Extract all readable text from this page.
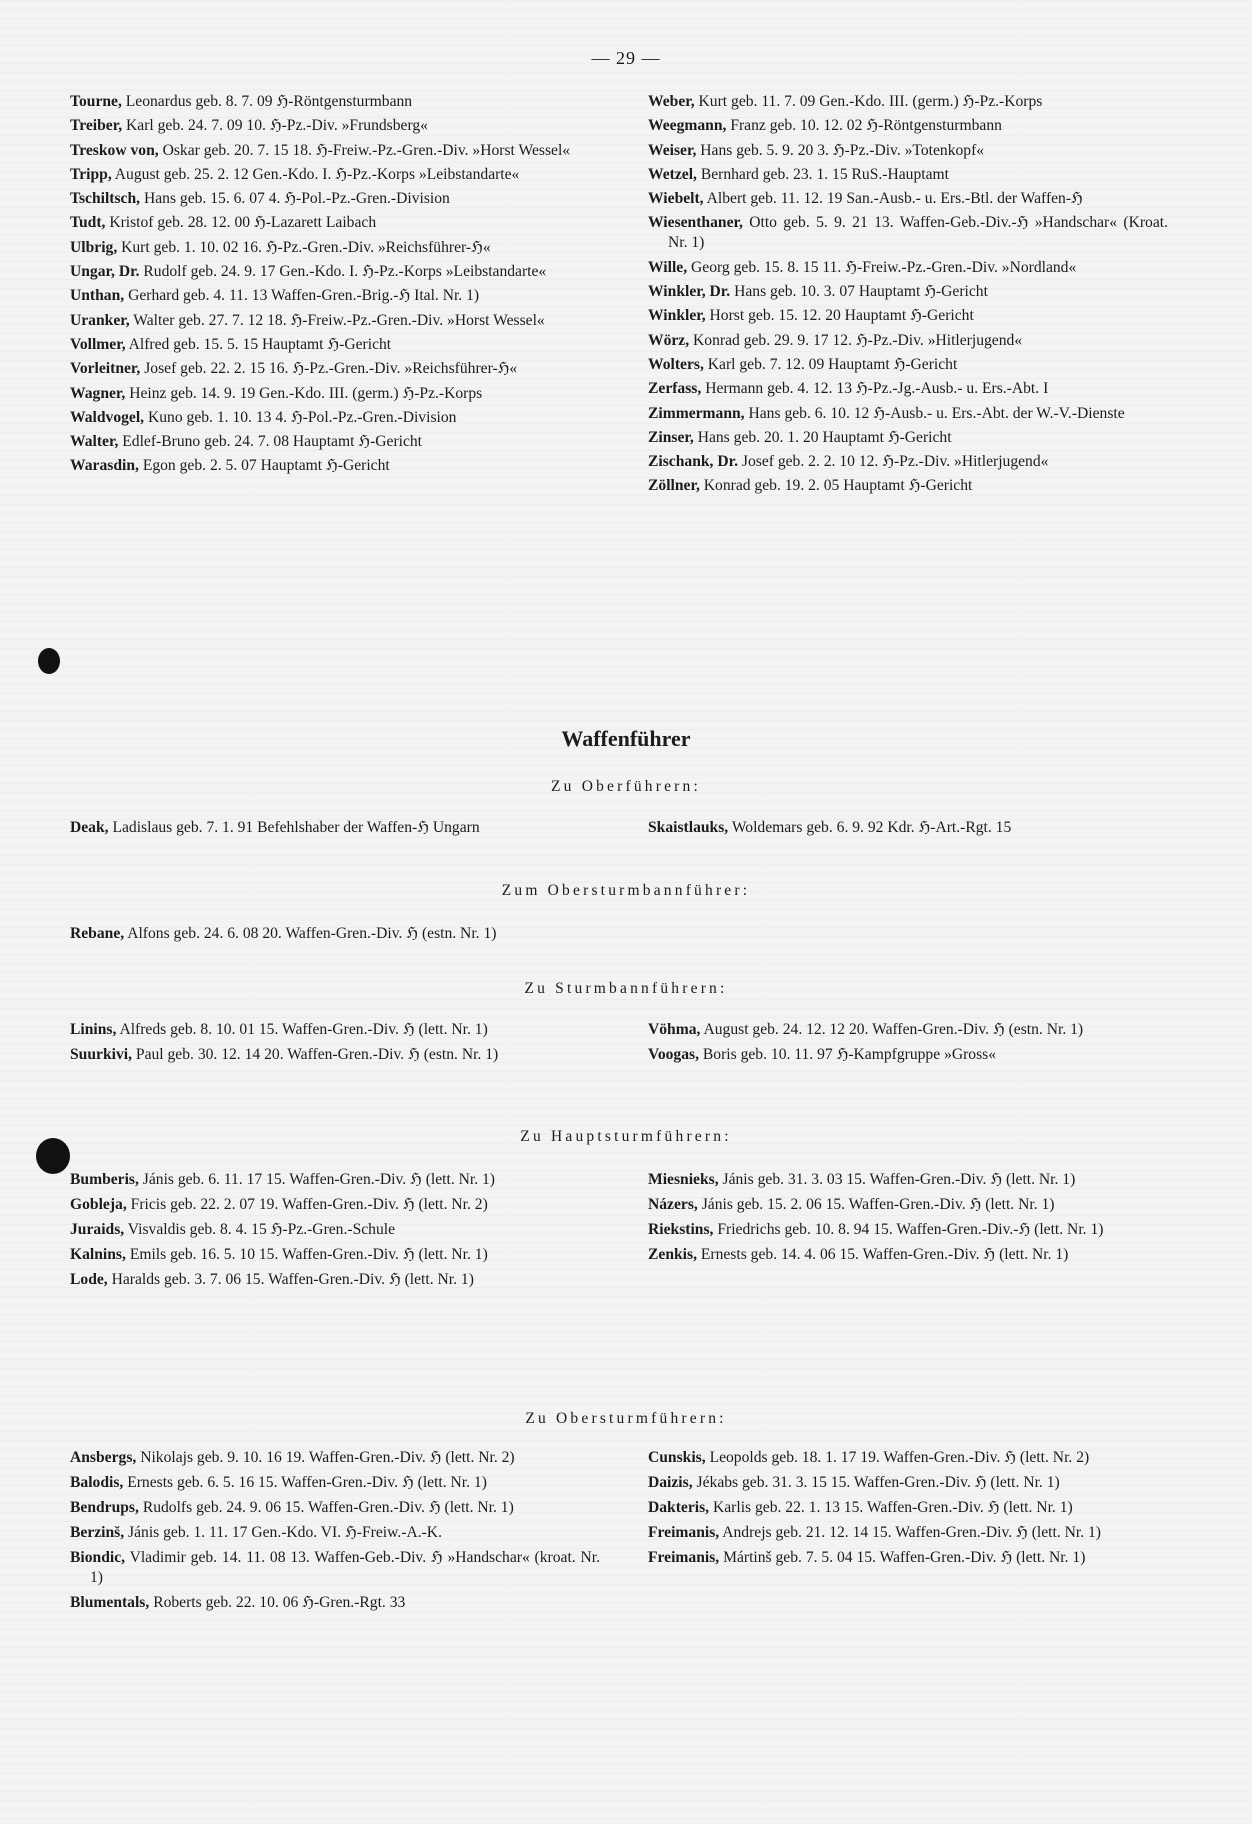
— 29 —
Tourne, Leonardus geb. 8. 7. 09 ℌ-Röntgensturmbann
Treiber, Karl geb. 24. 7. 09 10. ℌ-Pz.-Div. »Frundsberg«
Treskow von, Oskar geb. 20. 7. 15 18. ℌ-Freiw.-Pz.-Gren.-Div. »Horst Wessel«
Tripp, August geb. 25. 2. 12 Gen.-Kdo. I. ℌ-Pz.-Korps »Leibstandarte«
Tschiltsch, Hans geb. 15. 6. 07 4. ℌ-Pol.-Pz.-Gren.-Division
Tudt, Kristof geb. 28. 12. 00 ℌ-Lazarett Laibach
Ulbrig, Kurt geb. 1. 10. 02 16. ℌ-Pz.-Gren.-Div. »Reichsführer-ℌ«
Ungar, Dr. Rudolf geb. 24. 9. 17 Gen.-Kdo. I. ℌ-Pz.-Korps »Leibstandarte«
Unthan, Gerhard geb. 4. 11. 13 Waffen-Gren.-Brig.-ℌ Ital. Nr. 1)
Uranker, Walter geb. 27. 7. 12 18. ℌ-Freiw.-Pz.-Gren.-Div. »Horst Wessel«
Vollmer, Alfred geb. 15. 5. 15 Hauptamt ℌ-Gericht
Vorleitner, Josef geb. 22. 2. 15 16. ℌ-Pz.-Gren.-Div. »Reichsführer-ℌ«
Wagner, Heinz geb. 14. 9. 19 Gen.-Kdo. III. (germ.) ℌ-Pz.-Korps
Waldvogel, Kuno geb. 1. 10. 13 4. ℌ-Pol.-Pz.-Gren.-Division
Walter, Edlef-Bruno geb. 24. 7. 08 Hauptamt ℌ-Gericht
Warasdin, Egon geb. 2. 5. 07 Hauptamt ℌ-Gericht
Weber, Kurt geb. 11. 7. 09 Gen.-Kdo. III. (germ.) ℌ-Pz.-Korps
Weegmann, Franz geb. 10. 12. 02 ℌ-Röntgensturmbann
Weiser, Hans geb. 5. 9. 20 3. ℌ-Pz.-Div. »Totenkopf«
Wetzel, Bernhard geb. 23. 1. 15 RuS.-Hauptamt
Wiebelt, Albert geb. 11. 12. 19 San.-Ausb.- u. Ers.-Btl. der Waffen-ℌ
Wiesenthaner, Otto geb. 5. 9. 21 13. Waffen-Geb.-Div.-ℌ »Handschar« (Kroat. Nr. 1)
Wille, Georg geb. 15. 8. 15 11. ℌ-Freiw.-Pz.-Gren.-Div. »Nordland«
Winkler, Dr. Hans geb. 10. 3. 07 Hauptamt ℌ-Gericht
Winkler, Horst geb. 15. 12. 20 Hauptamt ℌ-Gericht
Wörz, Konrad geb. 29. 9. 17 12. ℌ-Pz.-Div. »Hitlerjugend«
Wolters, Karl geb. 7. 12. 09 Hauptamt ℌ-Gericht
Zerfass, Hermann geb. 4. 12. 13 ℌ-Pz.-Jg.-Ausb.- u. Ers.-Abt. I
Zimmermann, Hans geb. 6. 10. 12 ℌ-Ausb.- u. Ers.-Abt. der W.-V.-Dienste
Zinser, Hans geb. 20. 1. 20 Hauptamt ℌ-Gericht
Zischank, Dr. Josef geb. 2. 2. 10 12. ℌ-Pz.-Div. »Hitlerjugend«
Zöllner, Konrad geb. 19. 2. 05 Hauptamt ℌ-Gericht
Waffenführer
Zu Oberführern:
Deak, Ladislaus geb. 7. 1. 91 Befehlshaber der Waffen-ℌ Ungarn	Skaistlauks, Woldemars geb. 6. 9. 92 Kdr. ℌ-Art.-Rgt. 15
Zum Obersturmbannführer:
Rebane, Alfons geb. 24. 6. 08 20. Waffen-Gren.-Div. ℌ (estn. Nr. 1)
Zu Sturmbannführern:
Linins, Alfreds geb. 8. 10. 01 15. Waffen-Gren.-Div. ℌ (lett. Nr. 1)
Suurkivi, Paul geb. 30. 12. 14 20. Waffen-Gren.-Div. ℌ (estn. Nr. 1)
Vöhma, August geb. 24. 12. 12 20. Waffen-Gren.-Div. ℌ (estn. Nr. 1)
Voogas, Boris geb. 10. 11. 97 ℌ-Kampfgruppe »Gross«
Zu Hauptsturmführern:
Bumberis, Jánis geb. 6. 11. 17 15. Waffen-Gren.-Div. ℌ (lett. Nr. 1)
Gobleja, Fricis geb. 22. 2. 07 19. Waffen-Gren.-Div. ℌ (lett. Nr. 2)
Juraids, Visvaldis geb. 8. 4. 15 ℌ-Pz.-Gren.-Schule
Kalnins, Emils geb. 16. 5. 10 15. Waffen-Gren.-Div. ℌ (lett. Nr. 1)
Lode, Haralds geb. 3. 7. 06 15. Waffen-Gren.-Div. ℌ (lett. Nr. 1)
Miesnieks, Jánis geb. 31. 3. 03 15. Waffen-Gren.-Div. ℌ (lett. Nr. 1)
Názers, Jánis geb. 15. 2. 06 15. Waffen-Gren.-Div. ℌ (lett. Nr. 1)
Riekstins, Friedrichs geb. 10. 8. 94 15. Waffen-Gren.-Div.-ℌ (lett. Nr. 1)
Zenkis, Ernests geb. 14. 4. 06 15. Waffen-Gren.-Div. ℌ (lett. Nr. 1)
Zu Obersturmführern:
Ansbergs, Nikolajs geb. 9. 10. 16 19. Waffen-Gren.-Div. ℌ (lett. Nr. 2)
Balodis, Ernests geb. 6. 5. 16 15. Waffen-Gren.-Div. ℌ (lett. Nr. 1)
Bendrups, Rudolfs geb. 24. 9. 06 15. Waffen-Gren.-Div. ℌ (lett. Nr. 1)
Berzinš, Jánis geb. 1. 11. 17 Gen.-Kdo. VI. ℌ-Freiw.-A.-K.
Biondic, Vladimir geb. 14. 11. 08 13. Waffen-Geb.-Div. ℌ »Handschar« (kroat. Nr. 1)
Blumentals, Roberts geb. 22. 10. 06 ℌ-Gren.-Rgt. 33
Cunskis, Leopolds geb. 18. 1. 17 19. Waffen-Gren.-Div. ℌ (lett. Nr. 2)
Daizis, Jékabs geb. 31. 3. 15 15. Waffen-Gren.-Div. ℌ (lett. Nr. 1)
Dakteris, Karlis geb. 22. 1. 13 15. Waffen-Gren.-Div. ℌ (lett. Nr. 1)
Freimanis, Andrejs geb. 21. 12. 14 15. Waffen-Gren.-Div. ℌ (lett. Nr. 1)
Freimanis, Mártinš geb. 7. 5. 04 15. Waffen-Gren.-Div. ℌ (lett. Nr. 1)
